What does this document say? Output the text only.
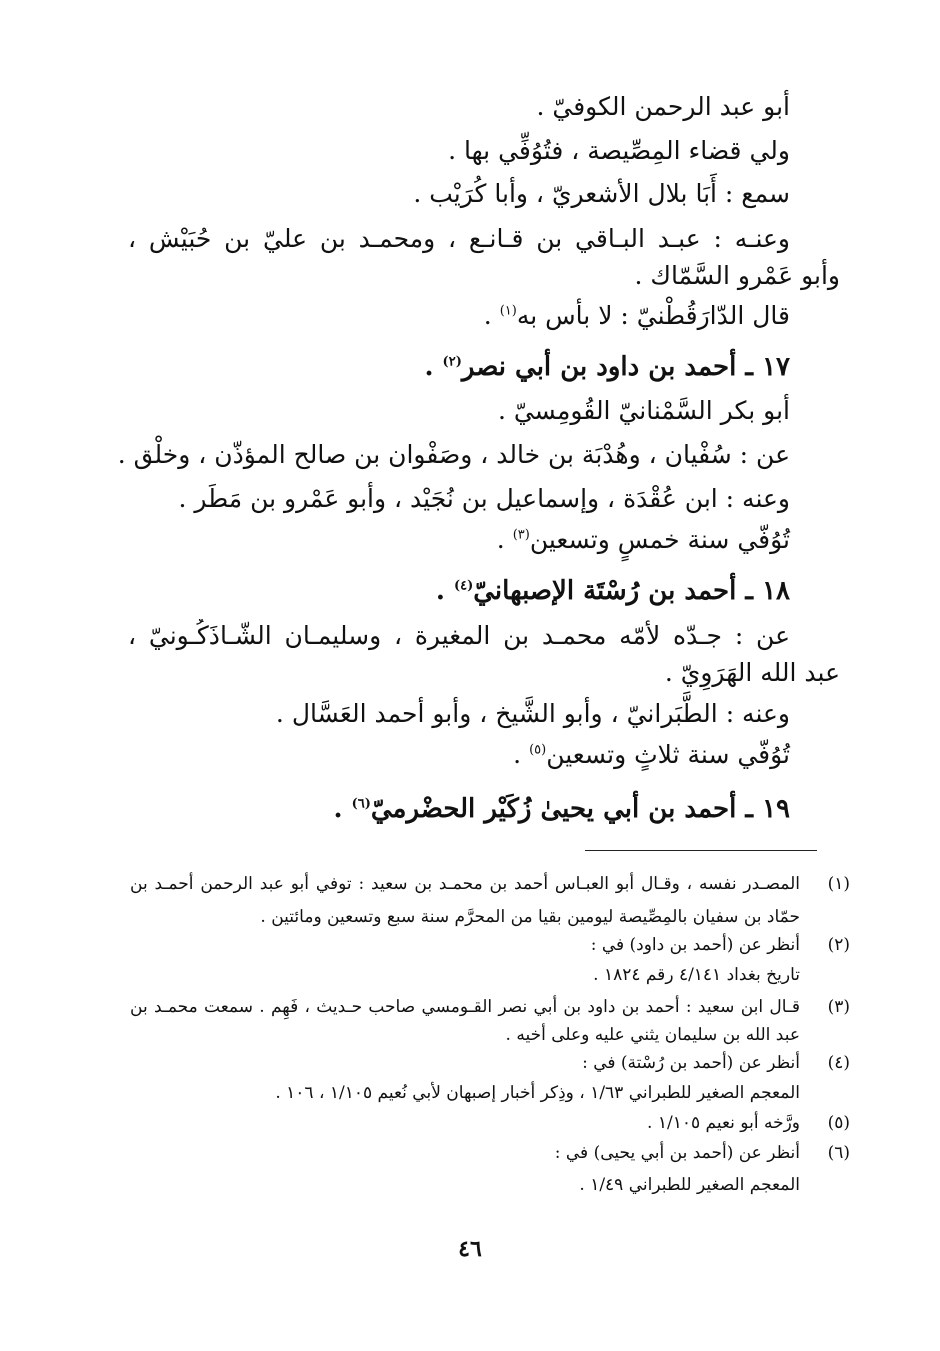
أبو عبد الرحمن الكوفيّ .
ولي قضاء المِصِّيصة ، فتُوُفِّي بها .
سمع : أَبَا بلال الأشعريّ ، وأبا كُرَيْب .
وعنـه : عبـد البـاقي بن قـانـع ، ومحمـد بن عليّ بن حُبَيْش ،
وأبو عَمْرو السَّمّاك .
قال الدّارَقُطْنيّ : لا بأس به$^{(١)}$ .
١٧ ـ أحمد بن داود بن أبي نصر$^{(٢)}$ .
أبو بكر السَّمْنانيّ القُومِسيّ .
عن : سُفْيان ، وهُدْبَة بن خالد ، وصَفْوان بن صالح المؤذّن ، وخلْق .
وعنه : ابن عُقْدَة ، وإسماعيل بن نُجَيْد ، وأبو عَمْرو بن مَطَر .
تُوُفّي سنة خمسٍ وتسعين$^{(٣)}$ .
١٨ ـ أحمد بن رُسْتَة الإصبهانيّ$^{(٤)}$ .
عن : جـدّه لأمّه محمـد بن المغيرة ، وسليمـان الشّـاذَكُـونيّ ،
عبد الله الهَرَوِيّ .
وعنه : الطَّبَرانيّ ، وأبو الشَّيخ ، وأبو أحمد العَسَّال .
تُوُفّي سنة ثلاثٍ وتسعين$^{(٥)}$ .
١٩ ـ أحمد بن أبي يحيىٰ زُكَيْر الحضْرميّ$^{(٦)}$ .
(١)
المصـدر نفسه ، وقـال أبو العبـاس أحمد بن محمـد بن سعيد : توفي أبو عبد الرحمن أحمـد بن
حمّاد بن سفيان بالمِصِّيصة ليومين بقيا من المحرَّم سنة سبع وتسعين ومائتين .
(٢)
أنظر عن (أحمد بن داود) في :
تاريخ بغداد ٤/١٤١ رقم ١٨٢٤ .
(٣)
قـال ابن سعيد : أحمد بن داود بن أبي نصر القـومسي صاحب حـديث ، فَهِم . سمعت محمـد بن
عبد الله بن سليمان يثني عليه وعلى أخيه .
(٤)
أنظر عن (أحمد بن رُسْتة) في :
المعجم الصغير للطبراني ١/٦٣ ، وذِكر أخبار إصبهان لأبي نُعيم ١/١٠٥ ، ١٠٦ .
(٥)
ورَّخه أبو نعيم ١/١٠٥ .
(٦)
أنظر عن (أحمد بن أبي يحيى) في :
المعجم الصغير للطبراني ١/٤٩ .
٤٦
